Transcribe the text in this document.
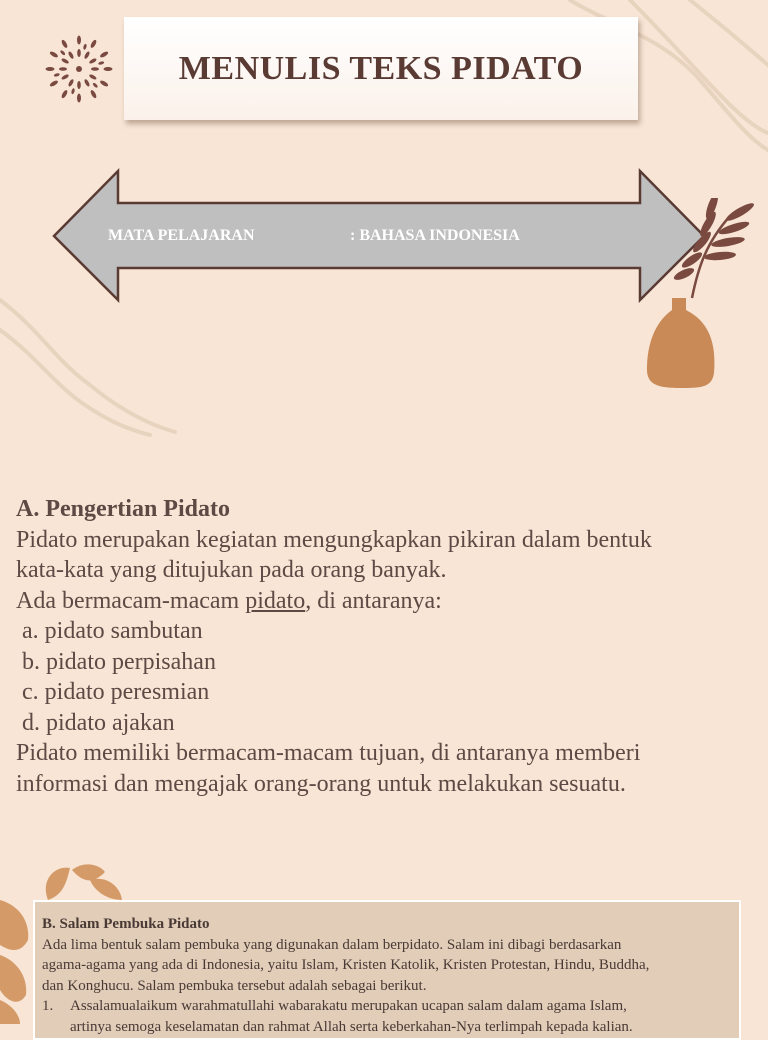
MENULIS TEKS PIDATO
MATA PELAJARAN	: BAHASA INDONESIA

A. Pengertian Pidato

Pidato merupakan kegiatan mengungkapkan pikiran dalam bentuk

kata-kata yang ditujukan pada orang banyak.

Ada bermacam-macam pidato, di antaranya:

a. pidato sambutan

b. pidato perpisahan

c. pidato peresmian

d. pidato ajakan

Pidato memiliki bermacam-macam tujuan, di antaranya memberi

informasi dan mengajak orang-orang untuk melakukan sesuatu.

B. Salam Pembuka Pidato

Ada lima bentuk salam pembuka yang digunakan dalam berpidato. Salam ini dibagi berdasarkan

agama-agama yang ada di Indonesia, yaitu Islam, Kristen Katolik, Kristen Protestan, Hindu, Buddha,

dan Konghucu. Salam pembuka tersebut adalah sebagai berikut.

1.	Assalamualaikum warahmatullahi wabarakatu merupakan ucapan salam dalam agama Islam,

artinya semoga keselamatan dan rahmat Allah serta keberkahan-Nya terlimpah kepada kalian.
